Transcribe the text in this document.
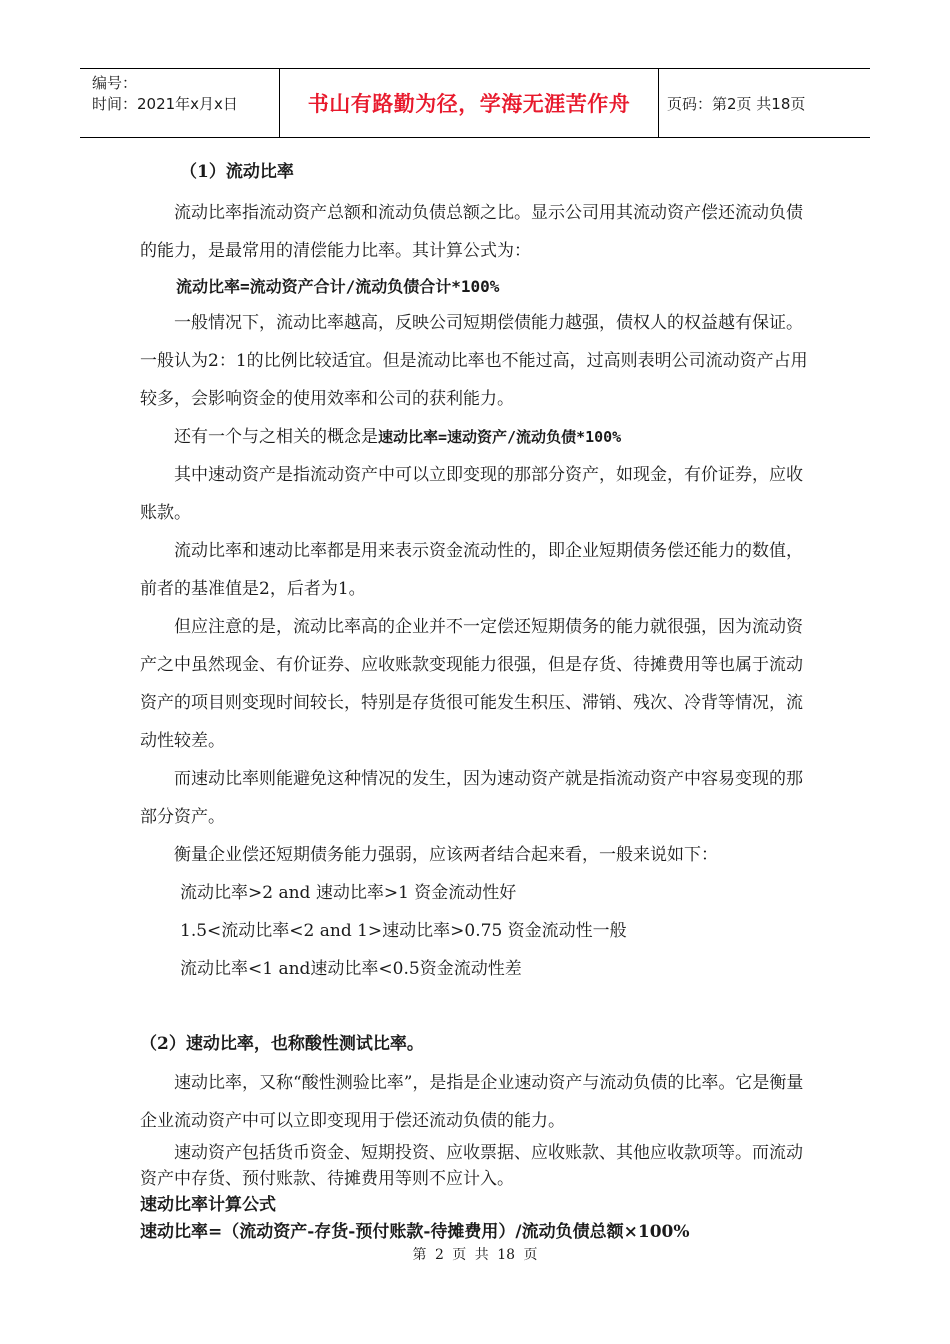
编号：
时间：2021年x月x日	书山有路勤为径，学海无涯苦作舟	页码：第2页 共18页

（1）流动比率

流动比率指流动资产总额和流动负债总额之比。显示公司用其流动资产偿还流动负债的能力，是最常用的清偿能力比率。其计算公式为：

流动比率=流动资产合计/流动负债合计*100%

一般情况下，流动比率越高，反映公司短期偿债能力越强，债权人的权益越有保证。一般认为2：1的比例比较适宜。但是流动比率也不能过高，过高则表明公司流动资产占用较多，会影响资金的使用效率和公司的获利能力。

还有一个与之相关的概念是速动比率=速动资产/流动负债*100%

其中速动资产是指流动资产中可以立即变现的那部分资产，如现金，有价证券，应收账款。

流动比率和速动比率都是用来表示资金流动性的，即企业短期债务偿还能力的数值，前者的基准值是2，后者为1。

但应注意的是，流动比率高的企业并不一定偿还短期债务的能力就很强，因为流动资产之中虽然现金、有价证券、应收账款变现能力很强，但是存货、待摊费用等也属于流动资产的项目则变现时间较长，特别是存货很可能发生积压、滞销、残次、冷背等情况，流动性较差。

而速动比率则能避免这种情况的发生，因为速动资产就是指流动资产中容易变现的那部分资产。

衡量企业偿还短期债务能力强弱，应该两者结合起来看，一般来说如下：

流动比率>2 and 速动比率>1 资金流动性好

1.5<流动比率<2 and 1>速动比率>0.75 资金流动性一般

流动比率<1 and速动比率<0.5资金流动性差

（2）速动比率，也称酸性测试比率。

速动比率，又称“酸性测验比率”，是指是企业速动资产与流动负债的比率。它是衡量企业流动资产中可以立即变现用于偿还流动负债的能力。

速动资产包括货币资金、短期投资、应收票据、应收账款、其他应收款项等。而流动资产中存货、预付账款、待摊费用等则不应计入。

速动比率计算公式

速动比率=（流动资产-存货-预付账款-待摊费用）/流动负债总额×100%

第 2 页 共 18 页
